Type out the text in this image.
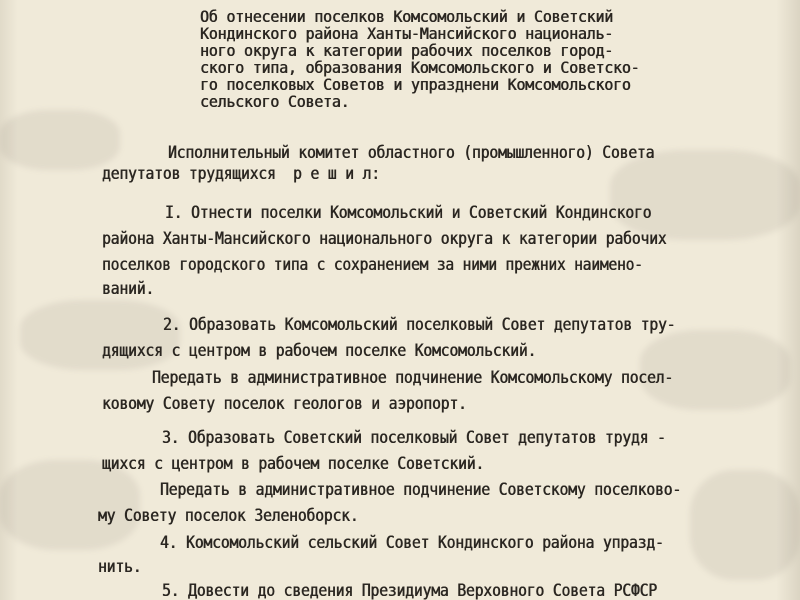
Об отнесении поселков Комсомольский и Советский

Кондинского района Ханты-Мансийского националь-

ного округа к категории рабочих поселков город-

ского типа, образования Комсомольского и Советско-

го поселковых Советов и упразднени Комсомольского

сельского Совета.

Исполнительный комитет областного (промышленного) Совета

депутатов трудящихся  р е ш и л:

I. Отнести поселки Комсомольский и Советский Кондинского

района Ханты-Мансийского национального округа к категории рабочих

поселков городского типа с сохранением за ними прежних наимено-

ваний.

2. Образовать Комсомольский поселковый Совет депутатов тру-

дящихся с центром в рабочем поселке Комсомольский.

Передать в административное подчинение Комсомольскому посел-

ковому Совету поселок геологов и аэропорт.

3. Образовать Советский поселковый Совет депутатов трудя -

щихся с центром в рабочем поселке Советский.

Передать в административное подчинение Советскому поселково-

му Совету поселок Зеленоборск.

4. Комсомольский сельский Совет Кондинского района упразд-

нить.

5. Довести до сведения Президиума Верховного Совета РСФСР
